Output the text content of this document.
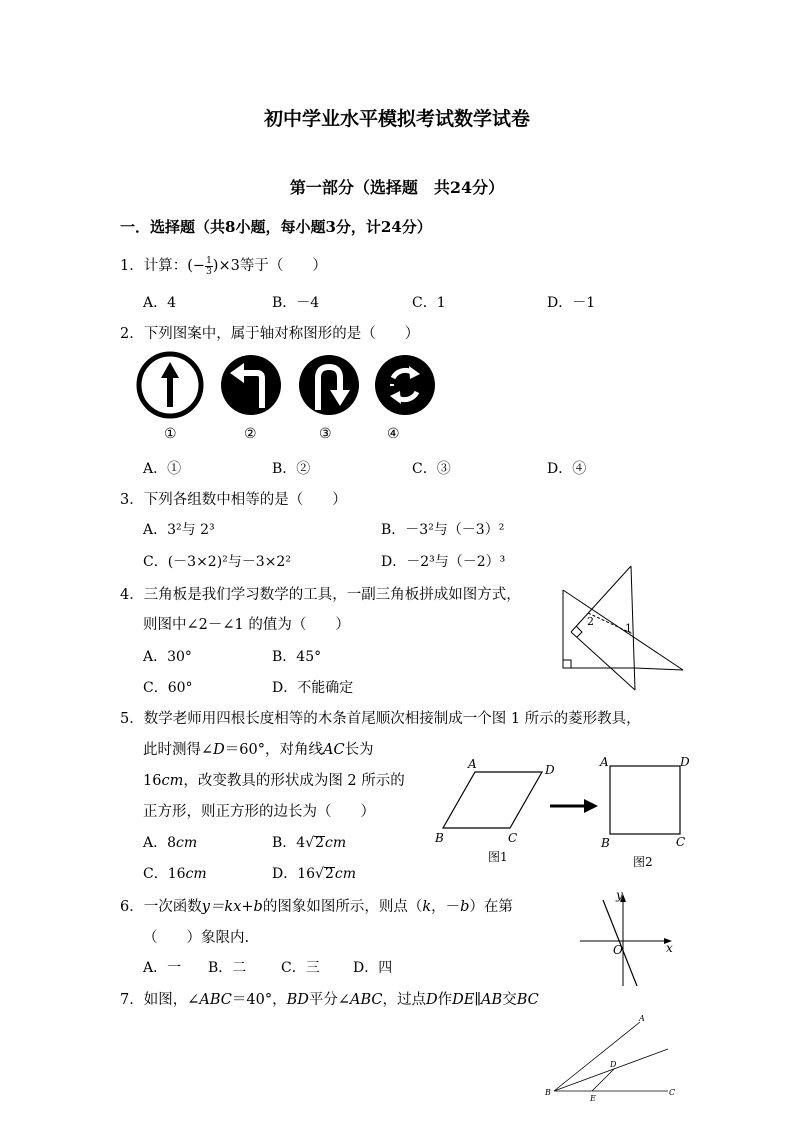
初中学业水平模拟考试数学试卷
第一部分（选择题　共24分）
一．选择题（共8小题，每小题3分，计24分）
1．计算：(− $\frac{1}{3} )\times 3$等于（　　）
A．4	B．－4	C．1	D．－1
2．下列图案中，属于轴对称图形的是（　　）
①	②	③	④
A．①	B．②	C．③	D．④
3．下列各组数中相等的是（　　）
A．3²与 2³	B．－3²与（－3）²
C．(－3×2)²与－3×2²	D．－2³与（－2）³
4．三角板是我们学习数学的工具，一副三角板拼成如图方式，
则图中∠2－∠1 的值为（　　）
A．30°	B．45°
C．60°	D．不能确定
2
1
5．数学老师用四根长度相等的木条首尾顺次相接制成一个图 1 所示的菱形教具，
此时测得∠D＝60°，对角线AC长为
16cm，改变教具的形状成为图 2 所示的
正方形，则正方形的边长为（　　）
A．8cm	B．4√2cm
C．16cm	D．16√2cm
A	D
B	C
图1
A	D
B	C
图2
6．一次函数y＝kx+b的图象如图所示，则点（k，－b）在第
（　　）象限内.
A．一 B．二 C．三 D．四
y
O	x
7．如图，∠ABC＝40°，BD平分∠ABC，过点D作DE∥AB交BC
A
D
B
E
C
